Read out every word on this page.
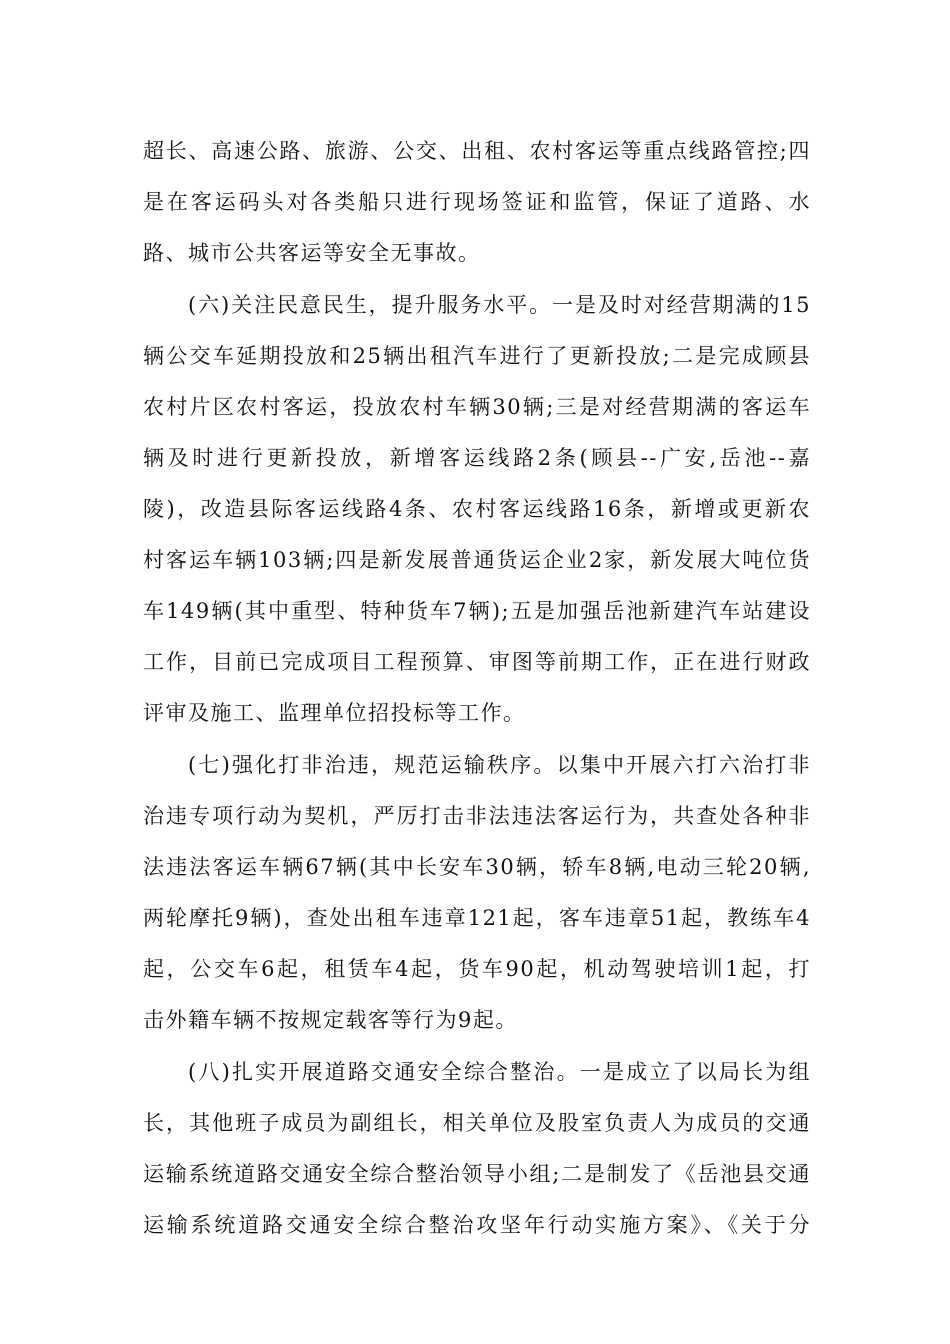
超长、高速公路、旅游、公交、出租、农村客运等重点线路管控;四
是在客运码头对各类船只进行现场签证和监管，保证了道路、水
路、城市公共客运等安全无事故。
(六)关注民意民生，提升服务水平。一是及时对经营期满的15
辆公交车延期投放和25辆出租汽车进行了更新投放;二是完成顾县
农村片区农村客运，投放农村车辆30辆;三是对经营期满的客运车
辆及时进行更新投放，新增客运线路2条(顾县--广安,岳池--嘉
陵)，改造县际客运线路4条、农村客运线路16条，新增或更新农
村客运车辆103辆;四是新发展普通货运企业2家，新发展大吨位货
车149辆(其中重型、特种货车7辆);五是加强岳池新建汽车站建设
工作，目前已完成项目工程预算、审图等前期工作，正在进行财政
评审及施工、监理单位招投标等工作。
(七)强化打非治违，规范运输秩序。以集中开展六打六治打非
治违专项行动为契机，严厉打击非法违法客运行为，共查处各种非
法违法客运车辆67辆(其中长安车30辆，轿车8辆,电动三轮20辆,
两轮摩托9辆)，查处出租车违章121起，客车违章51起，教练车4
起，公交车6起，租赁车4起，货车90起，机动驾驶培训1起，打
击外籍车辆不按规定载客等行为9起。
(八)扎实开展道路交通安全综合整治。一是成立了以局长为组
长，其他班子成员为副组长，相关单位及股室负责人为成员的交通
运输系统道路交通安全综合整治领导小组;二是制发了《岳池县交通
运输系统道路交通安全综合整治攻坚年行动实施方案》、《关于分
